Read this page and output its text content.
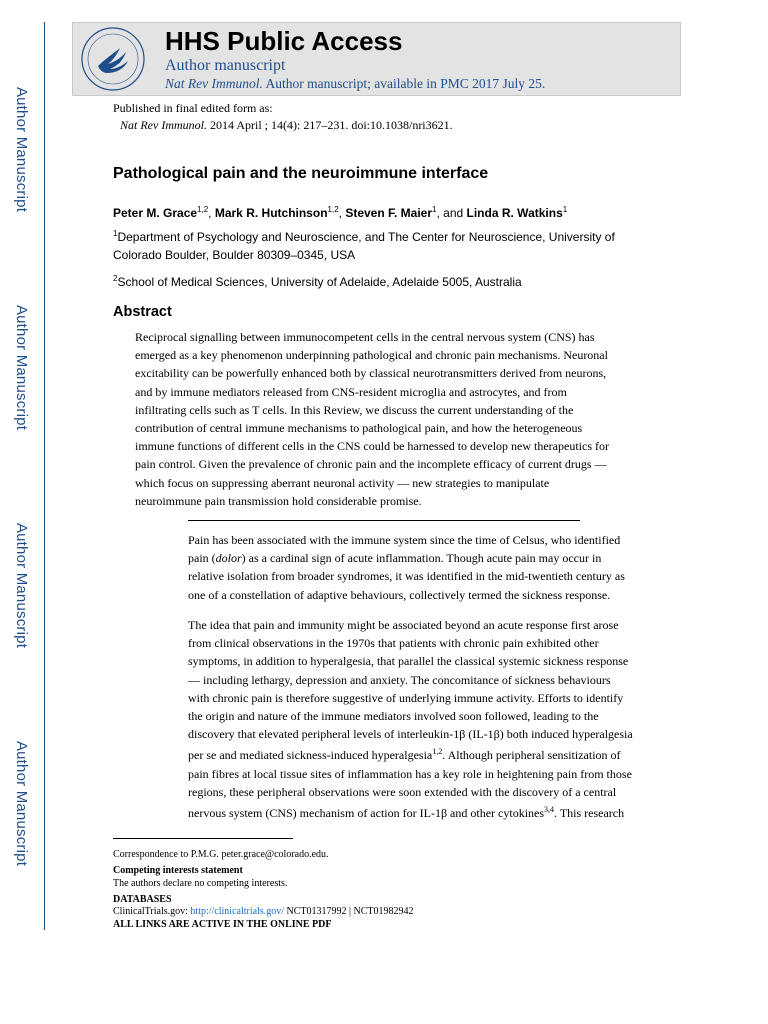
Author Manuscript
Author Manuscript
Author Manuscript
Author Manuscript
HHS Public Access
Author manuscript
Nat Rev Immunol. Author manuscript; available in PMC 2017 July 25.
Published in final edited form as:
Nat Rev Immunol. 2014 April ; 14(4): 217–231. doi:10.1038/nri3621.
Pathological pain and the neuroimmune interface
Peter M. Grace$^{1,2}$, Mark R. Hutchinson$^{1,2}$, Steven F. Maier$^1$, and Linda R. Watkins$^1$
$^1$Department of Psychology and Neuroscience, and The Center for Neuroscience, University of Colorado Boulder, Boulder 80309–0345, USA
$^2$School of Medical Sciences, University of Adelaide, Adelaide 5005, Australia
Abstract
Reciprocal signalling between immunocompetent cells in the central nervous system (CNS) has
emerged as a key phenomenon underpinning pathological and chronic pain mechanisms. Neuronal
excitability can be powerfully enhanced both by classical neurotransmitters derived from neurons,
and by immune mediators released from CNS-resident microglia and astrocytes, and from
infiltrating cells such as T cells. In this Review, we discuss the current understanding of the
contribution of central immune mechanisms to pathological pain, and how the heterogeneous
immune functions of different cells in the CNS could be harnessed to develop new therapeutics for
pain control. Given the prevalence of chronic pain and the incomplete efficacy of current drugs —
which focus on suppressing aberrant neuronal activity — new strategies to manipulate
neuroimmune pain transmission hold considerable promise.
Pain has been associated with the immune system since the time of Celsus, who identified
pain (dolor) as a cardinal sign of acute inflammation. Though acute pain may occur in
relative isolation from broader syndromes, it was identified in the mid-twentieth century as
one of a constellation of adaptive behaviours, collectively termed the sickness response.
The idea that pain and immunity might be associated beyond an acute response first arose
from clinical observations in the 1970s that patients with chronic pain exhibited other
symptoms, in addition to hyperalgesia, that parallel the classical systemic sickness response
— including lethargy, depression and anxiety. The concomitance of sickness behaviours
with chronic pain is therefore suggestive of underlying immune activity. Efforts to identify
the origin and nature of the immune mediators involved soon followed, leading to the
discovery that elevated peripheral levels of interleukin-1β (IL-1β) both induced hyperalgesia
per se and mediated sickness-induced hyperalgesia$^{1,2}$. Although peripheral sensitization of
pain fibres at local tissue sites of inflammation has a key role in heightening pain from those
regions, these peripheral observations were soon extended with the discovery of a central
nervous system (CNS) mechanism of action for IL-1β and other cytokines$^{3,4}$. This research
Correspondence to P.M.G. peter.grace@colorado.edu.
Competing interests statement
The authors declare no competing interests.
DATABASES
ClinicalTrials.gov: http://clinicaltrials.gov/ NCT01317992 | NCT01982942
ALL LINKS ARE ACTIVE IN THE ONLINE PDF
